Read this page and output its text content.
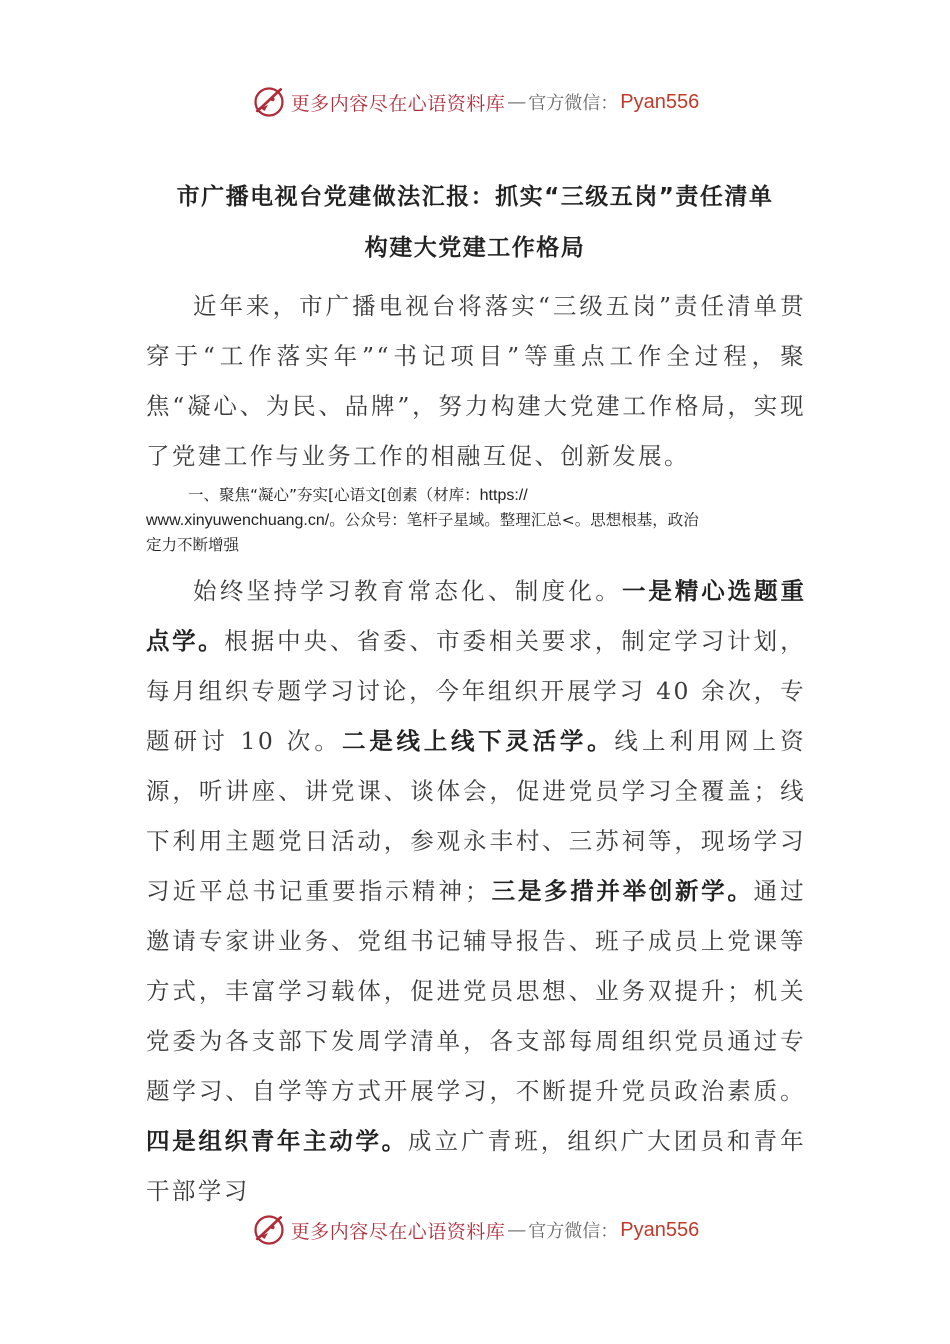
更多内容尽在心语资料库 — 官方微信： Pyan556
市广播电视台党建做法汇报：抓实“三级五岗”责任清单
构建大党建工作格局

近年来，市广播电视台将落实“三级五岗”责任清单贯穿于“工作落实年”“书记项目”等重点工作全过程，聚焦“凝心、为民、品牌”，努力构建大党建工作格局，实现了党建工作与业务工作的相融互促、创新发展。

一、聚焦“凝心”夯实[心语文[创素（材库：https://

www.xinyuwenchuang.cn/。公众号：笔杆子星域。整理汇总<。思想根基，政治

定力不断增强

始终坚持学习教育常态化、制度化。一是精心选题重点学。根据中央、省委、市委相关要求，制定学习计划，每月组织专题学习讨论，今年组织开展学习 40 余次，专题研讨 10 次。二是线上线下灵活学。线上利用网上资源，听讲座、讲党课、谈体会，促进党员学习全覆盖；线下利用主题党日活动，参观永丰村、三苏祠等，现场学习习近平总书记重要指示精神；三是多措并举创新学。通过邀请专家讲业务、党组书记辅导报告、班子成员上党课等方式，丰富学习载体，促进党员思想、业务双提升；机关党委为各支部下发周学清单，各支部每周组织党员通过专题学习、自学等方式开展学习，不断提升党员政治素质。四是组织青年主动学。成立广青班，组织广大团员和青年干部学习

更多内容尽在心语资料库 — 官方微信： Pyan556
